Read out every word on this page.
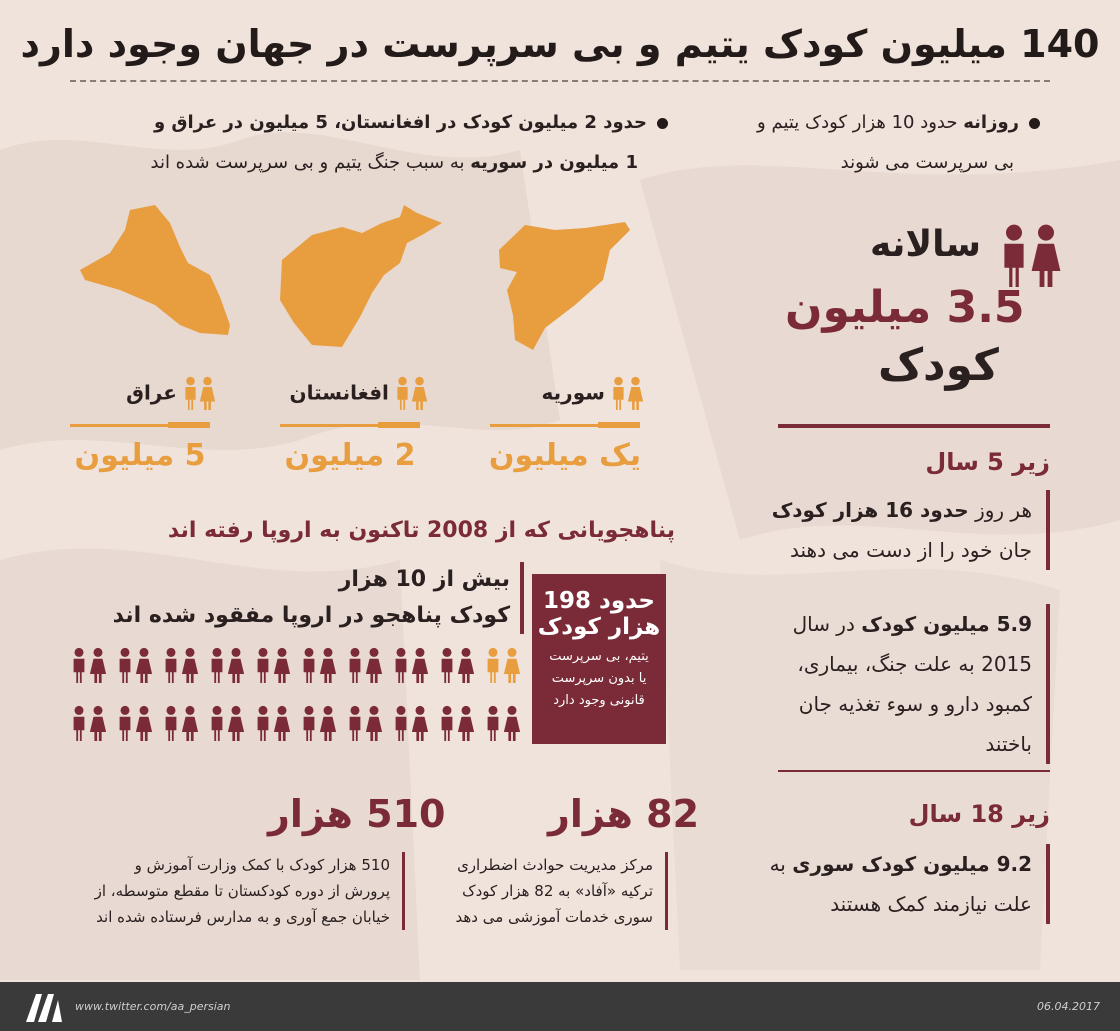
140 میلیون کودک یتیم و بی سرپرست در جهان وجود دارد
روزانه حدود 10 هزار کودک یتیم و
بی سرپرست می شوند
حدود 2 میلیون کودک در افغانستان، 5 میلیون در عراق و
1 میلیون در سوریه به سبب جنگ یتیم و بی سرپرست شده اند
عراق
5 میلیون
افغانستان
2 میلیون
سوریه
یک میلیون
سالانه
3.5 میلیون
کودک
زیر 5 سال
هر روز حدود 16 هزار کودک
جان خود را از دست می دهند
5.9 میلیون کودک در سال
2015 به علت جنگ، بیماری،
کمبود دارو و سوء تغذیه جان
باختند
زیر 18 سال
9.2 میلیون کودک سوری به
علت نیازمند کمک هستند
پناهجویانی که از 2008 تاکنون به اروپا رفته اند
بیش از 10 هزار
کودک پناهجو در اروپا مفقود شده اند
حدود 198
هزار کودک
یتیم، بی سرپرست
یا بدون سرپرست
قانونی وجود دارد
82 هزار
مرکز مدیریت حوادث اضطراری
ترکیه «آفاد» به 82 هزار کودک
سوری خدمات آموزشی می دهد
510 هزار
510 هزار کودک با کمک وزارت آموزش و
پرورش از دوره کودکستان تا مقطع متوسطه، از
خیابان جمع آوری و به مدارس فرستاده شده اند
www.twitter.com/aa_persian	06.04.2017
